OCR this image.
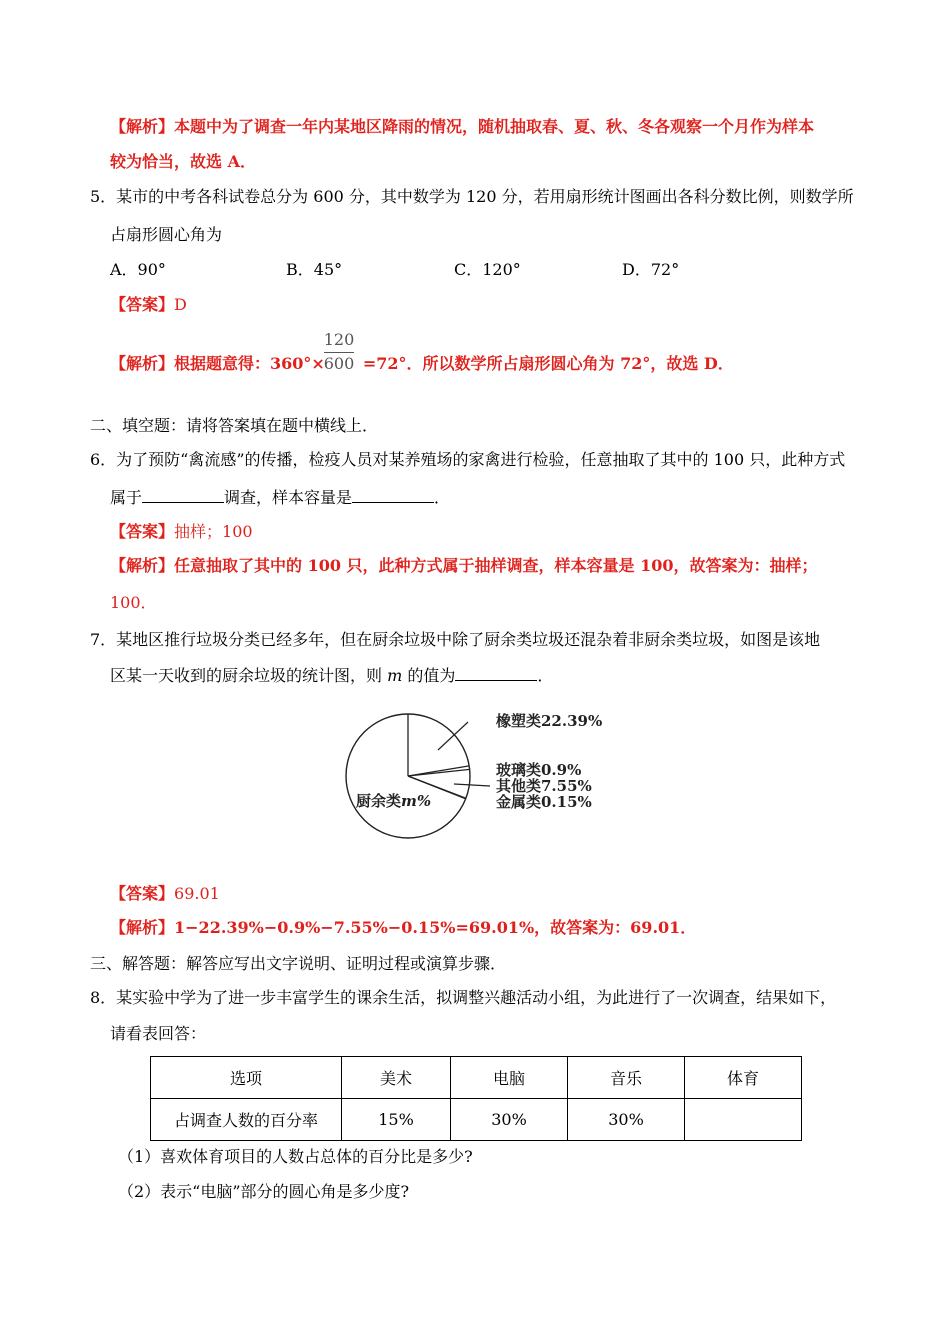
【解析】本题中为了调查一年内某地区降雨的情况，随机抽取春、夏、秋、冬各观察一个月作为样本
较为恰当，故选 A．
5．某市的中考各科试卷总分为 600 分，其中数学为 120 分，若用扇形统计图画出各科分数比例，则数学所
占扇形圆心角为
A．90°	B．45°	C．120°	D．72°
【答案】D
【解析】根据题意得：360°× =72°．所以数学所占扇形圆心角为 72°，故选 D．
120
600
二、填空题：请将答案填在题中横线上．
6．为了预防“禽流感”的传播，检疫人员对某养殖场的家禽进行检验，任意抽取了其中的 100 只，此种方式
属于	调查，样本容量是	．
【答案】抽样；100
【解析】任意抽取了其中的 100 只，此种方式属于抽样调查，样本容量是 100，故答案为：抽样；
100．
7．某地区推行垃圾分类已经多年，但在厨余垃圾中除了厨余类垃圾还混杂着非厨余类垃圾，如图是该地
区某一天收到的厨余垃圾的统计图，则 m 的值为	．
橡塑类22.39%
玻璃类0.9%
其他类7.55%
金属类0.15%
厨余类m%
【答案】69.01
【解析】1−22.39%−0.9%−7.55%−0.15%=69.01%，故答案为：69.01．
三、解答题：解答应写出文字说明、证明过程或演算步骤．
8．某实验中学为了进一步丰富学生的课余生活，拟调整兴趣活动小组，为此进行了一次调查，结果如下，
请看表回答：
选项	美术	电脑	音乐	体育
占调查人数的百分率	15%	30%	30%	
（1）喜欢体育项目的人数占总体的百分比是多少?
（2）表示“电脑”部分的圆心角是多少度?
